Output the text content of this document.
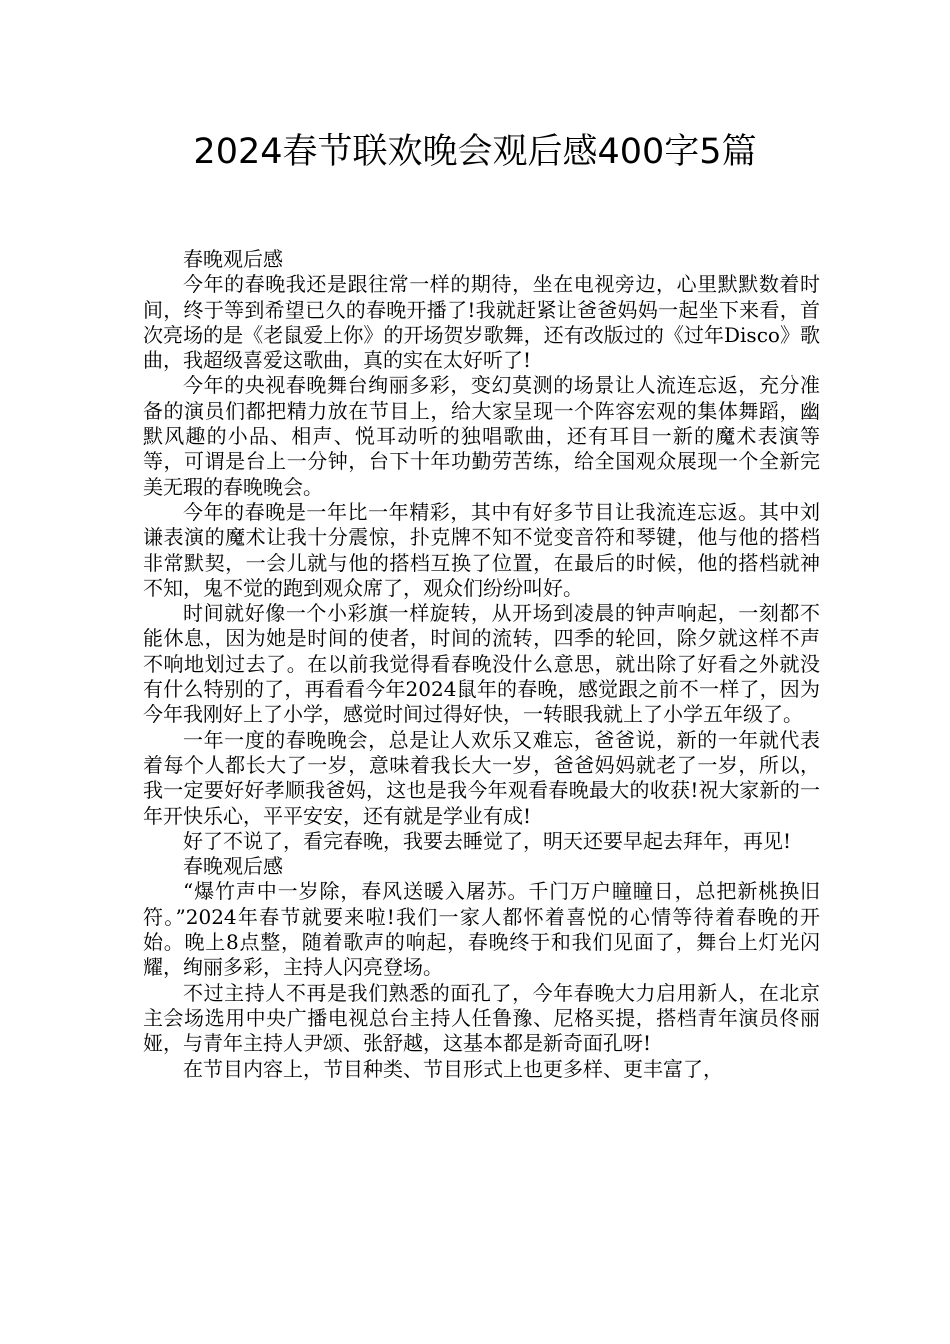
2024春节联欢晚会观后感400字5篇

春晚观后感

今年的春晚我还是跟往常一样的期待，坐在电视旁边，心里默默数着时间，终于等到希望已久的春晚开播了!我就赶紧让爸爸妈妈一起坐下来看，首次亮场的是《老鼠爱上你》的开场贺岁歌舞，还有改版过的《过年Disco》歌曲，我超级喜爱这歌曲，真的实在太好听了!

今年的央视春晚舞台绚丽多彩，变幻莫测的场景让人流连忘返，充分准备的演员们都把精力放在节目上，给大家呈现一个阵容宏观的集体舞蹈，幽默风趣的小品、相声、悦耳动听的独唱歌曲，还有耳目一新的魔术表演等等，可谓是台上一分钟，台下十年功勤劳苦练，给全国观众展现一个全新完美无瑕的春晚晚会。

今年的春晚是一年比一年精彩，其中有好多节目让我流连忘返。其中刘谦表演的魔术让我十分震惊，扑克牌不知不觉变音符和琴键，他与他的搭档非常默契，一会儿就与他的搭档互换了位置，在最后的时候，他的搭档就神不知，鬼不觉的跑到观众席了，观众们纷纷叫好。

时间就好像一个小彩旗一样旋转，从开场到凌晨的钟声响起，一刻都不能休息，因为她是时间的使者，时间的流转，四季的轮回，除夕就这样不声不响地划过去了。在以前我觉得看春晚没什么意思，就出除了好看之外就没有什么特别的了，再看看今年2024鼠年的春晚，感觉跟之前不一样了，因为今年我刚好上了小学，感觉时间过得好快，一转眼我就上了小学五年级了。

一年一度的春晚晚会，总是让人欢乐又难忘，爸爸说，新的一年就代表着每个人都长大了一岁，意味着我长大一岁，爸爸妈妈就老了一岁，所以，我一定要好好孝顺我爸妈，这也是我今年观看春晚最大的收获!祝大家新的一年开快乐心，平平安安，还有就是学业有成!

好了不说了，看完春晚，我要去睡觉了，明天还要早起去拜年，再见!

春晚观后感

“爆竹声中一岁除，春风送暖入屠苏。千门万户瞳瞳日，总把新桃换旧符。”2024年春节就要来啦!我们一家人都怀着喜悦的心情等待着春晚的开始。晚上8点整，随着歌声的响起，春晚终于和我们见面了，舞台上灯光闪耀，绚丽多彩，主持人闪亮登场。

不过主持人不再是我们熟悉的面孔了，今年春晚大力启用新人，在北京主会场选用中央广播电视总台主持人任鲁豫、尼格买提，搭档青年演员佟丽娅，与青年主持人尹颂、张舒越，这基本都是新奇面孔呀!

在节目内容上，节目种类、节目形式上也更多样、更丰富了，
